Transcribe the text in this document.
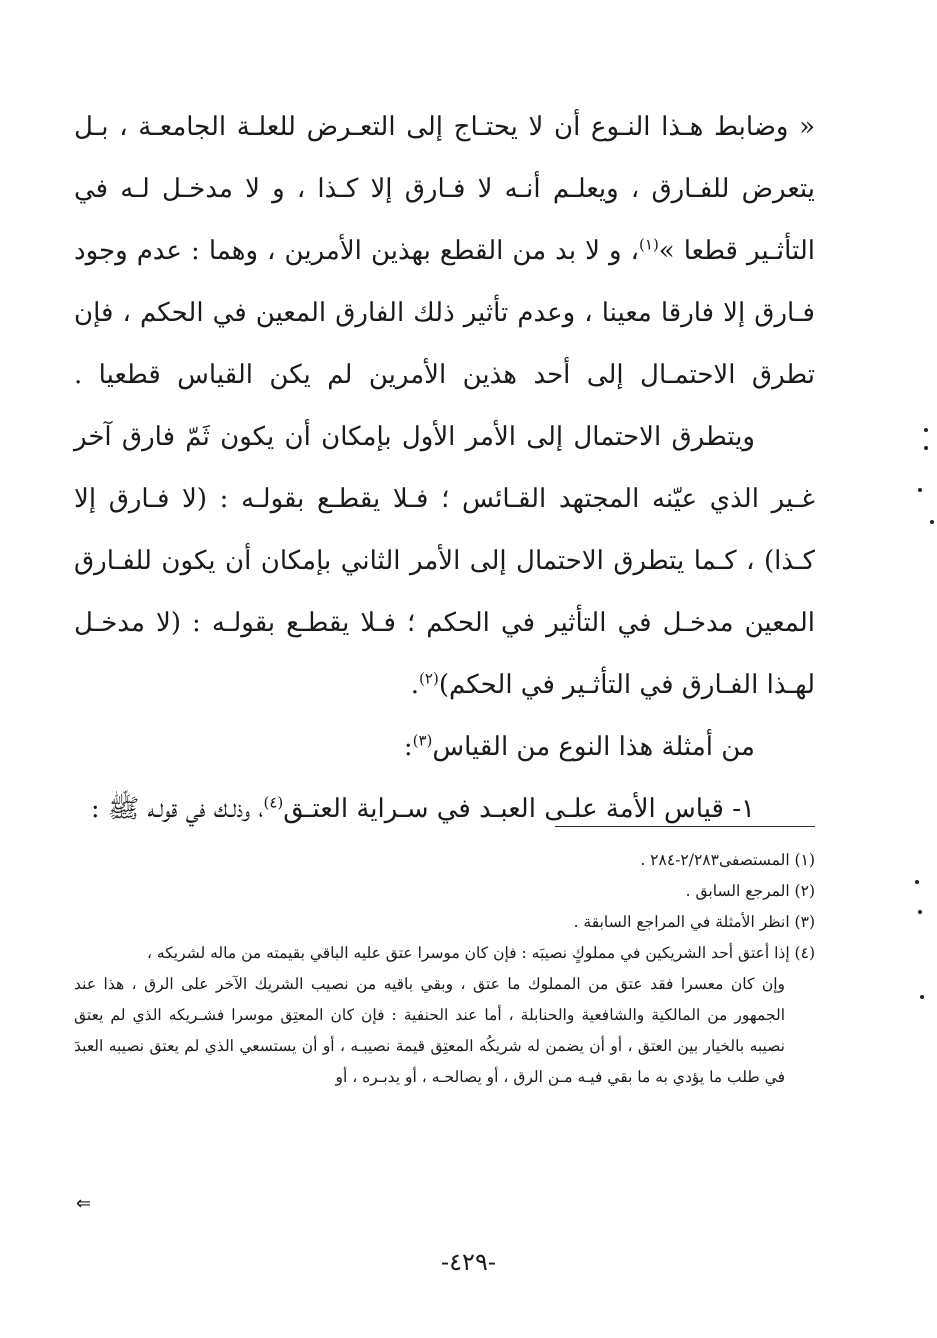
« وضابط هـذا النـوع أن لا يحتـاج إلى التعـرض للعلـة الجامعـة ، بـل يتعرض للفـارق ، ويعلـم أنـه لا فـارق إلا كـذا ، و لا مدخـل لـه في التأثـير قطعا »$^{(١)}$، و لا بد من القطع بهذين الأمرين ، وهما : عدم وجود فـارق إلا فارقا معينا ، وعدم تأثير ذلك الفارق المعين في الحكم ، فإن تطرق الاحتمـال إلى أحد هذين الأمرين لم يكن القياس قطعيا .

ويتطرق الاحتمال إلى الأمر الأول بإمكان أن يكون ثَمّ فارق آخر غـير الذي عيّنه المجتهد القـائس ؛ فـلا يقطـع بقولـه : (لا فـارق إلا كـذا) ، كـما يتطرق الاحتمال إلى الأمر الثاني بإمكان أن يكون للفـارق المعين مدخـل في التأثير في الحكم ؛ فـلا يقطـع بقولـه : (لا مدخـل لهـذا الفـارق في التأثـير في الحكم)$^{(٢)}$.

من أمثلة هذا النوع من القياس$^{(٣)}$:

١- قياس الأمة علـى العبـد في سـراية العتـق$^{(٤)}$، وذلـك في قولـه ﷺ :

(١) المستصفى٢/٢٨٣-٢٨٤ .

(٢) المرجع السابق .

(٣) انظر الأمثلة في المراجع السابقة .

(٤) إذا أعتق أحد الشريكين في مملوكٍ نصيبَه : فإن كان موسرا عتق عليه الباقي بقيمته من ماله لشريكه ،
وإن كان معسرا فقد عتق من المملوك ما عتق ، وبقي باقيه من نصيب الشريك الآخر على الرق ، هذا عند الجمهور من المالكية والشافعية والحنابلة ، أما عند الحنفية : فإن كان المعتِق موسرا فشـريكه الذي لم يعتق نصيبه بالخيار بين العتق ، أو أن يضمن له شريكُه المعتِق قيمة نصيبـه ، أو أن يستسعي الذي لم يعتق نصيبه العبدَ في طلب ما يؤدي به ما بقي فيـه مـن الرق ، أو يصالحـه ، أو يدبـره ، أو
⇐
-٤٢٩-
